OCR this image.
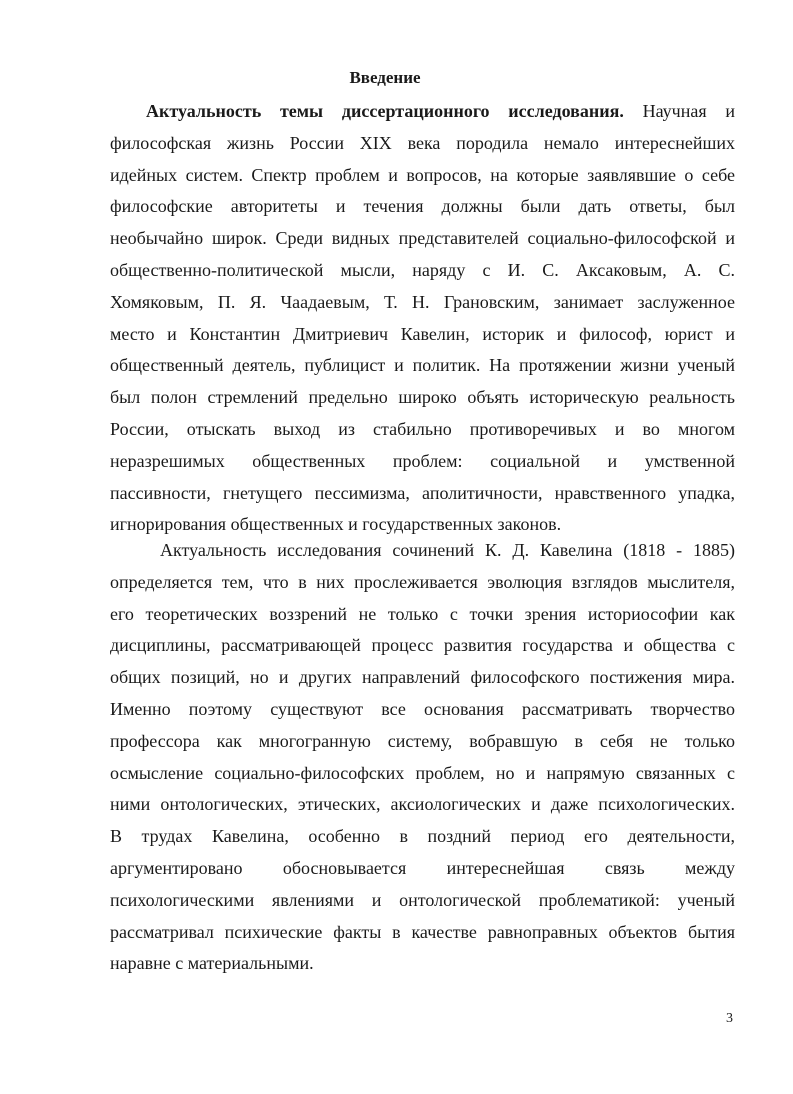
Введение
Актуальность темы диссертационного исследования. Научная и
философская жизнь России XIX века породила немало интереснейших
идейных систем. Спектр проблем и вопросов, на которые заявлявшие о себе
философские авторитеты и течения должны были дать ответы, был
необычайно широк. Среди видных представителей социально-философской и
общественно-политической мысли, наряду с И. С. Аксаковым, А. С.
Хомяковым, П. Я. Чаадаевым, Т. Н. Грановским, занимает заслуженное
место и Константин Дмитриевич Кавелин, историк и философ, юрист и
общественный деятель, публицист и политик. На протяжении жизни ученый
был полон стремлений предельно широко объять историческую реальность
России, отыскать выход из стабильно противоречивых и во многом
неразрешимых общественных проблем: социальной и умственной
пассивности, гнетущего пессимизма, аполитичности, нравственного упадка,
игнорирования общественных и государственных законов.
Актуальность исследования сочинений К. Д. Кавелина (1818 - 1885)
определяется тем, что в них прослеживается эволюция взглядов мыслителя,
его теоретических воззрений не только с точки зрения историософии как
дисциплины, рассматривающей процесс развития государства и общества с
общих позиций, но и других направлений философского постижения мира.
Именно поэтому существуют все основания рассматривать творчество
профессора как многогранную систему, вобравшую в себя не только
осмысление социально-философских проблем, но и напрямую связанных с
ними онтологических, этических, аксиологических и даже психологических.
В трудах Кавелина, особенно в поздний период его деятельности,
аргументировано обосновывается интереснейшая связь между
психологическими явлениями и онтологической проблематикой: ученый
рассматривал психические факты в качестве равноправных объектов бытия
наравне с материальными.
3
